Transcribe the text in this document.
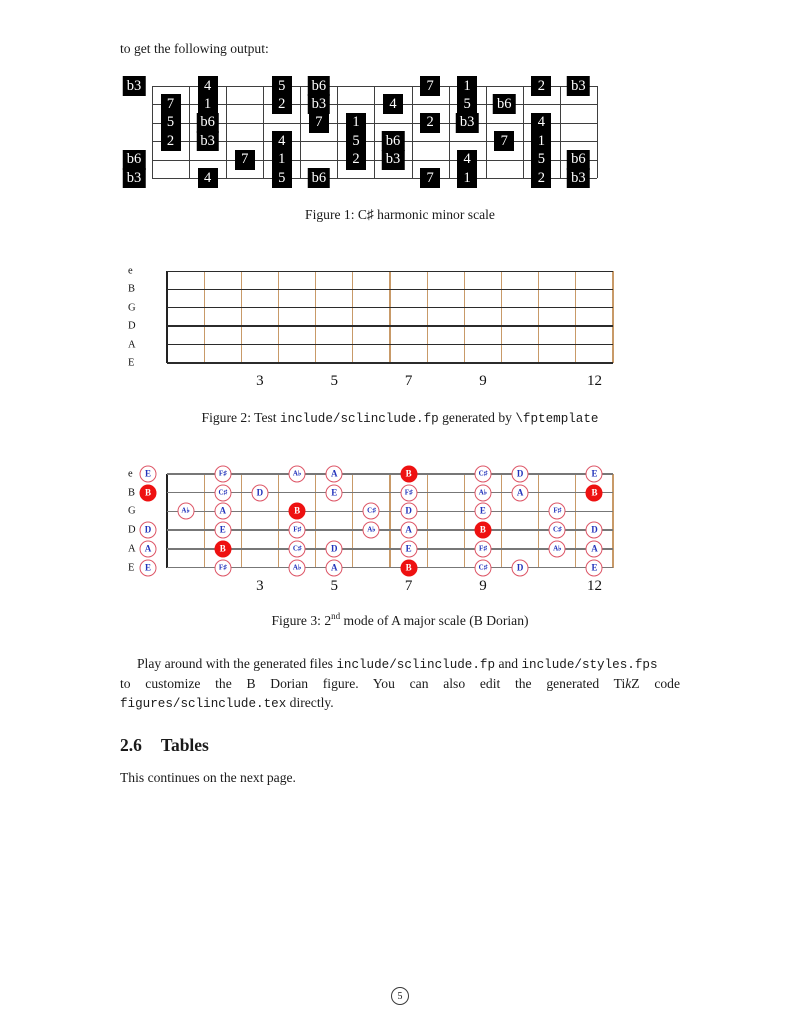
to get the following output:
b3	4	5	b6	7	1	2	b3
7	1	2	b3	4	5	b6
5	b6	7	1	2	b3	4
2	b3	4	5	b6	7	1
b6	7	1	2	b3	4	5	b6
b3	4	5	b6	7	1	2	b3
Figure 1: C♯ harmonic minor scale
e
B
G
D
A
E
3	5	7	9	12
Figure 2: Test include/sclinclude.fp generated by \fptemplate
e
B
G
D
A
E
3	5	7	9	12
E	F♯	A♭	A	B	C♯	D	E
B	C♯	D	E	F♯	A♭	A	B
A♭	A	B	C♯	D	E	F♯
D	E	F♯	A♭	A	B	C♯	D
A	B	C♯	D	E	F♯	A♭	A
E	F♯	A♭	A	B	C♯	D	E
Figure 3: 2nd mode of A major scale (B Dorian)
Play around with the generated files include/sclinclude.fp and include/styles.fps
to customize the B Dorian figure. You can also edit the generated TikZ code
figures/sclinclude.tex directly.
2.6 Tables
This continues on the next page.
5
